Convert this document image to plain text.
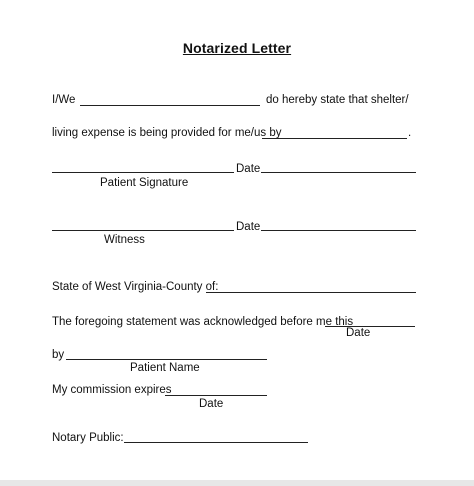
Notarized Letter
I/We	do hereby state that shelter/
living expense is being provided for me/us by	.
Date
Patient Signature
Date
Witness
State of West Virginia-County of:
The foregoing statement was acknowledged before me this
Date
by
Patient Name
My commission expires
Date
Notary Public:
